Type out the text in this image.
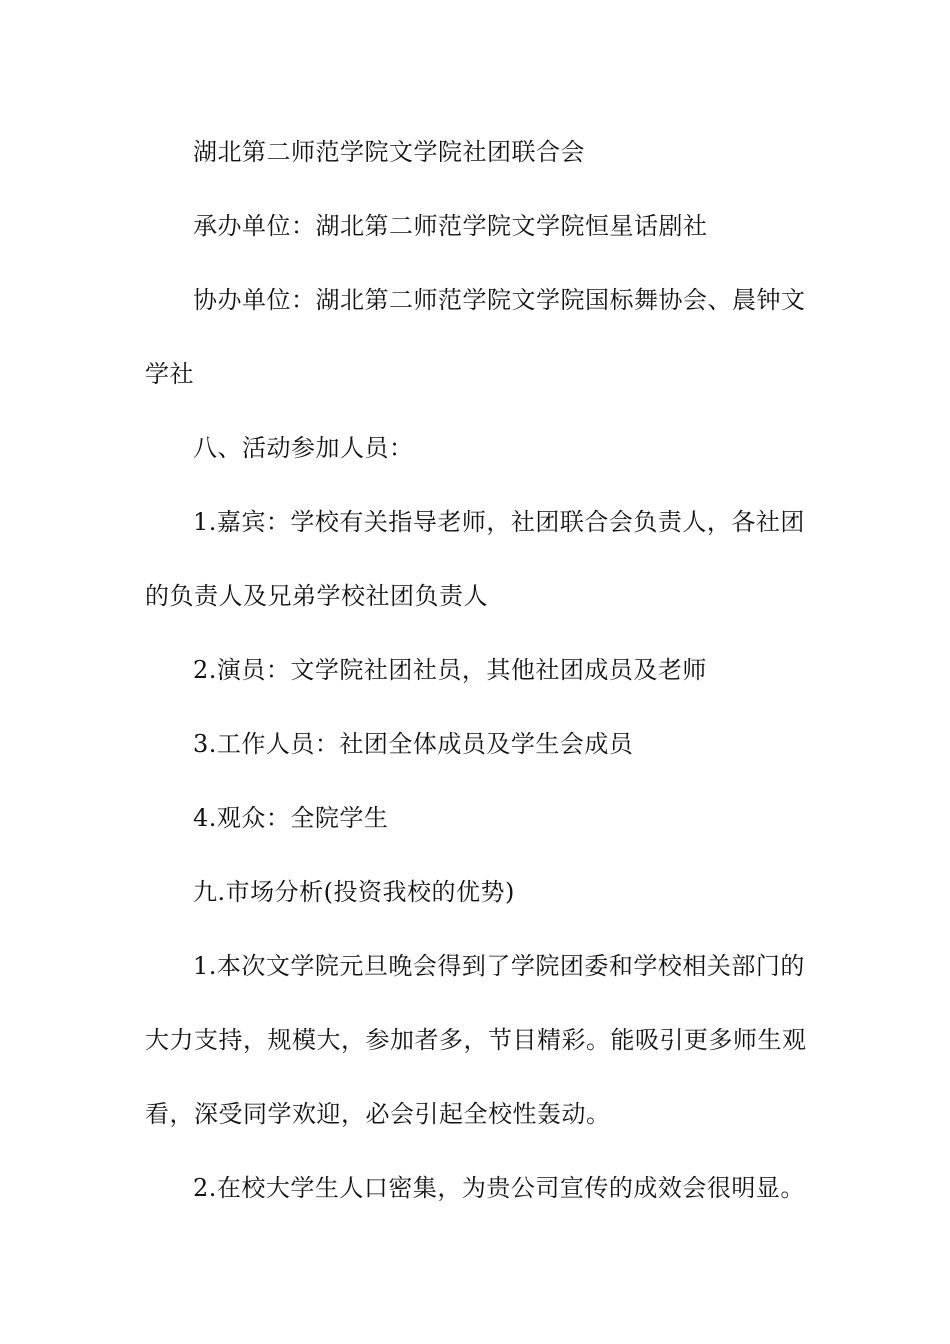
湖北第二师范学院文学院社团联合会
承办单位：湖北第二师范学院文学院恒星话剧社
协办单位：湖北第二师范学院文学院国标舞协会、晨钟文
学社
八、活动参加人员：
1.嘉宾：学校有关指导老师，社团联合会负责人，各社团
的负责人及兄弟学校社团负责人
2.演员：文学院社团社员，其他社团成员及老师
3.工作人员：社团全体成员及学生会成员
4.观众：全院学生
九.市场分析(投资我校的优势)
1.本次文学院元旦晚会得到了学院团委和学校相关部门的
大力支持，规模大，参加者多，节目精彩。能吸引更多师生观
看，深受同学欢迎，必会引起全校性轰动。
2.在校大学生人口密集，为贵公司宣传的成效会很明显。
